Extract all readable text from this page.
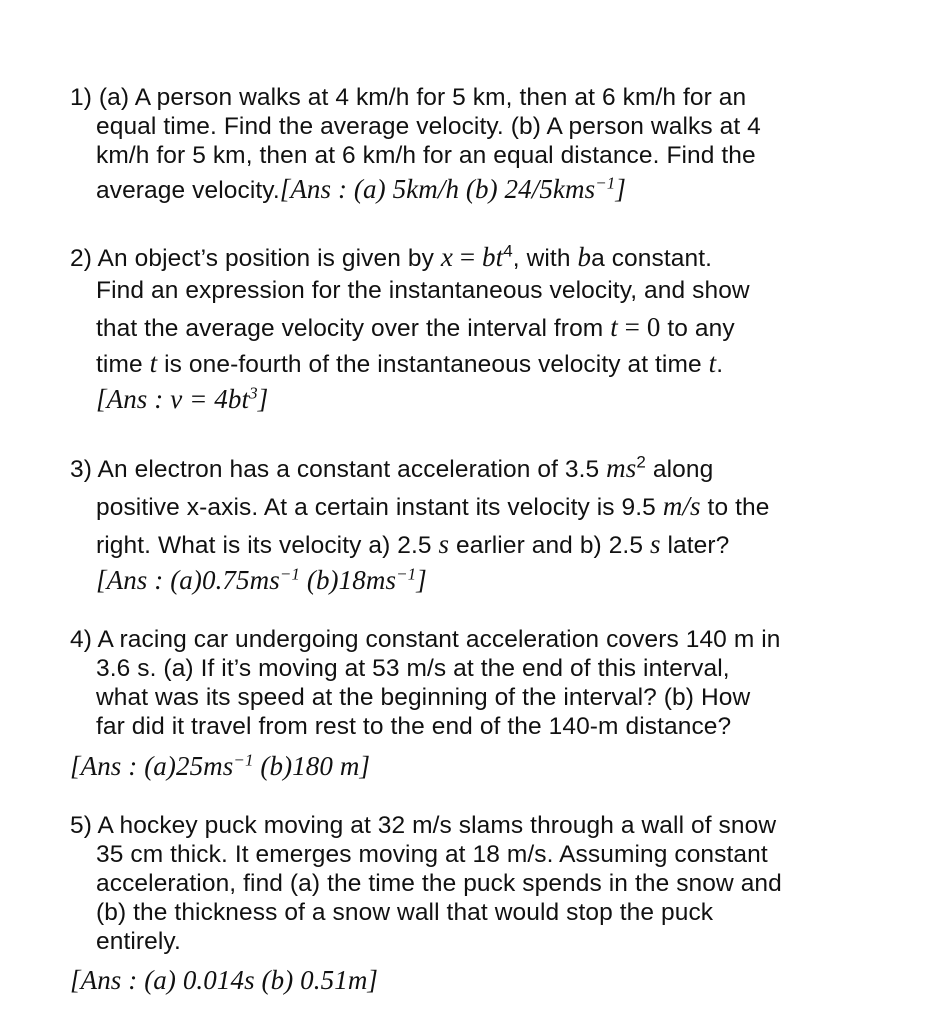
1) (a) A person walks at 4 km/h for 5 km, then at 6 km/h for an
equal time. Find the average velocity. (b) A person walks at 4
km/h for 5 km, then at 6 km/h for an equal distance. Find the
average velocity.[Ans : (a) 5km/h (b) 24/5kms$^{-1}$]
2) An object’s position is given by $x = bt^4$, with ba constant.
Find an expression for the instantaneous velocity, and show
that the average velocity over the interval from t = 0 to any
time t is one-fourth of the instantaneous velocity at time t.
[Ans : $v = 4bt^3$]
3) An electron has a constant acceleration of 3.5 $ms^2$ along
positive x-axis. At a certain instant its velocity is 9.5 m/s to the
right. What is its velocity a) 2.5 s earlier and b) 2.5 s later?
[Ans : $(a)0.75ms^{-1}$ $(b)18ms^{-1}$]
4) A racing car undergoing constant acceleration covers 140 m in
3.6 s. (a) If it’s moving at 53 m/s at the end of this interval,
what was its speed at the beginning of the interval? (b) How
far did it travel from rest to the end of the 140-m distance?
[Ans : $(a)25ms^{-1}$ (b)180 m]
5) A hockey puck moving at 32 m/s slams through a wall of snow
35 cm thick. It emerges moving at 18 m/s. Assuming constant
acceleration, find (a) the time the puck spends in the snow and
(b) the thickness of a snow wall that would stop the puck
entirely.
[Ans : (a) 0.014s (b) 0.51m]
